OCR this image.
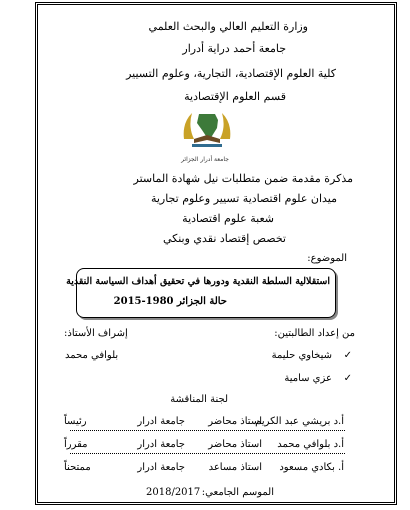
وزارة التعليم العالي والبحث العلمي
جامعة أحمد دراية أدرار
كلية العلوم الإقتصادية، التجارية، وعلوم التسيير
قسم العلوم الإقتصادية
جامعة أدرار الجزائر
مذكرة مقدمة ضمن متطلبات نيل شهادة الماستر
ميدان علوم اقتصادية تسيير وعلوم تجارية
شعبة علوم اقتصادية
تخصص إقتصاد نقدي وبنكي
الموضوع:
استقلالية السلطة النقدية ودورها في تحقيق أهداف السياسة النقدية
حالة الجزائر 1980-2015
من إعداد الطالبتين:
إشراف الأستاذ:
✓
شيخاوي حليمة
بلوافي محمد
✓
عزي سامية
لجنة المناقشة
أ.د بريشي عبد الكريم
استاذ محاضر
جامعة ادرار
رئيساً
أ.د بلوافي محمد
استاذ محاضر
جامعة ادرار
مقرراً
أ. بكادي مسعود
استاذ مساعد
جامعة ادرار
ممتحناً
الموسم الجامعي:
2018/2017
